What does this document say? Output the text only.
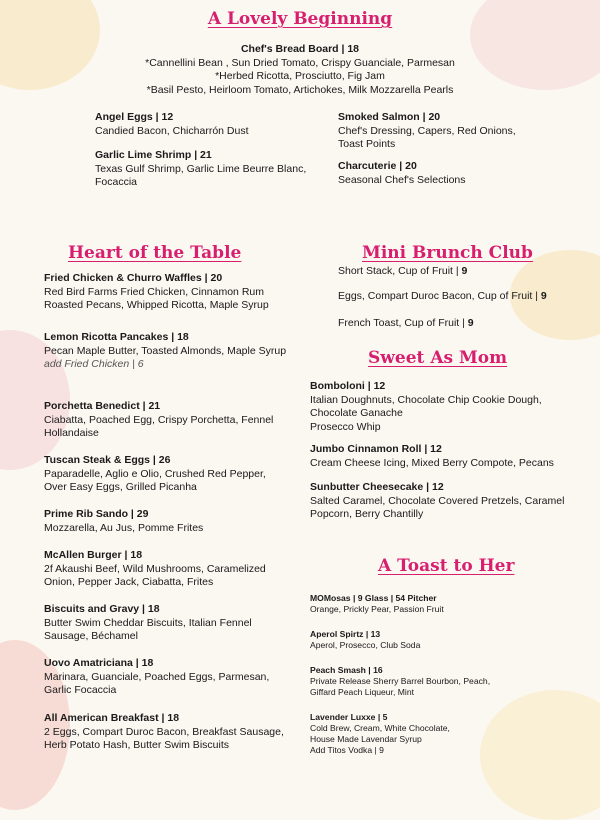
A Lovely Beginning
Chef's Bread Board | 18
*Cannellini Bean , Sun Dried Tomato, Crispy Guanciale, Parmesan
*Herbed Ricotta, Prosciutto, Fig Jam
*Basil Pesto, Heirloom Tomato, Artichokes, Milk Mozzarella Pearls
Angel Eggs | 12
Candied Bacon, Chicharrón Dust
Garlic Lime Shrimp | 21
Texas Gulf Shrimp, Garlic Lime Beurre Blanc, Focaccia
Smoked Salmon | 20
Chef's Dressing, Capers, Red Onions, Toast Points
Charcuterie | 20
Seasonal Chef's Selections
Heart of the Table
Fried Chicken & Churro Waffles | 20
Red Bird Farms Fried Chicken, Cinnamon Rum Roasted Pecans, Whipped Ricotta, Maple Syrup
Lemon Ricotta Pancakes | 18
Pecan Maple Butter, Toasted Almonds, Maple Syrup
add Fried Chicken | 6
Porchetta Benedict | 21
Ciabatta, Poached Egg, Crispy Porchetta, Fennel Hollandaise
Tuscan Steak & Eggs | 26
Paparadelle, Aglio e Olio, Crushed Red Pepper, Over Easy Eggs, Grilled Picanha
Prime Rib Sando | 29
Mozzarella, Au Jus, Pomme Frites
McAllen Burger | 18
2f Akaushi Beef, Wild Mushrooms, Caramelized Onion, Pepper Jack, Ciabatta, Frites
Biscuits and Gravy | 18
Butter Swim Cheddar Biscuits, Italian Fennel Sausage, Béchamel
Uovo Amatriciana | 18
Marinara, Guanciale, Poached Eggs, Parmesan, Garlic Focaccia
All American Breakfast | 18
2 Eggs, Compart Duroc Bacon, Breakfast Sausage, Herb Potato Hash, Butter Swim Biscuits
Mini Brunch Club
Short Stack, Cup of Fruit | 9
Eggs, Compart Duroc Bacon, Cup of Fruit | 9
French Toast, Cup of Fruit | 9
Sweet As Mom
Bomboloni | 12
Italian Doughnuts, Chocolate Chip Cookie Dough, Chocolate Ganache
Prosecco Whip
Jumbo Cinnamon Roll | 12
Cream Cheese Icing, Mixed Berry Compote, Pecans
Sunbutter Cheesecake | 12
Salted Caramel, Chocolate Covered Pretzels, Caramel Popcorn, Berry Chantilly
A Toast to Her
MOMosas | 9 Glass | 54 Pitcher
Orange, Prickly Pear, Passion Fruit
Aperol Spirtz | 13
Aperol, Prosecco, Club Soda
Peach Smash | 16
Private Release Sherry Barrel Bourbon, Peach, Giffard Peach Liqueur, Mint
Lavender Luxxe | 5
Cold Brew, Cream, White Chocolate, House Made Lavendar Syrup
Add Titos Vodka | 9
